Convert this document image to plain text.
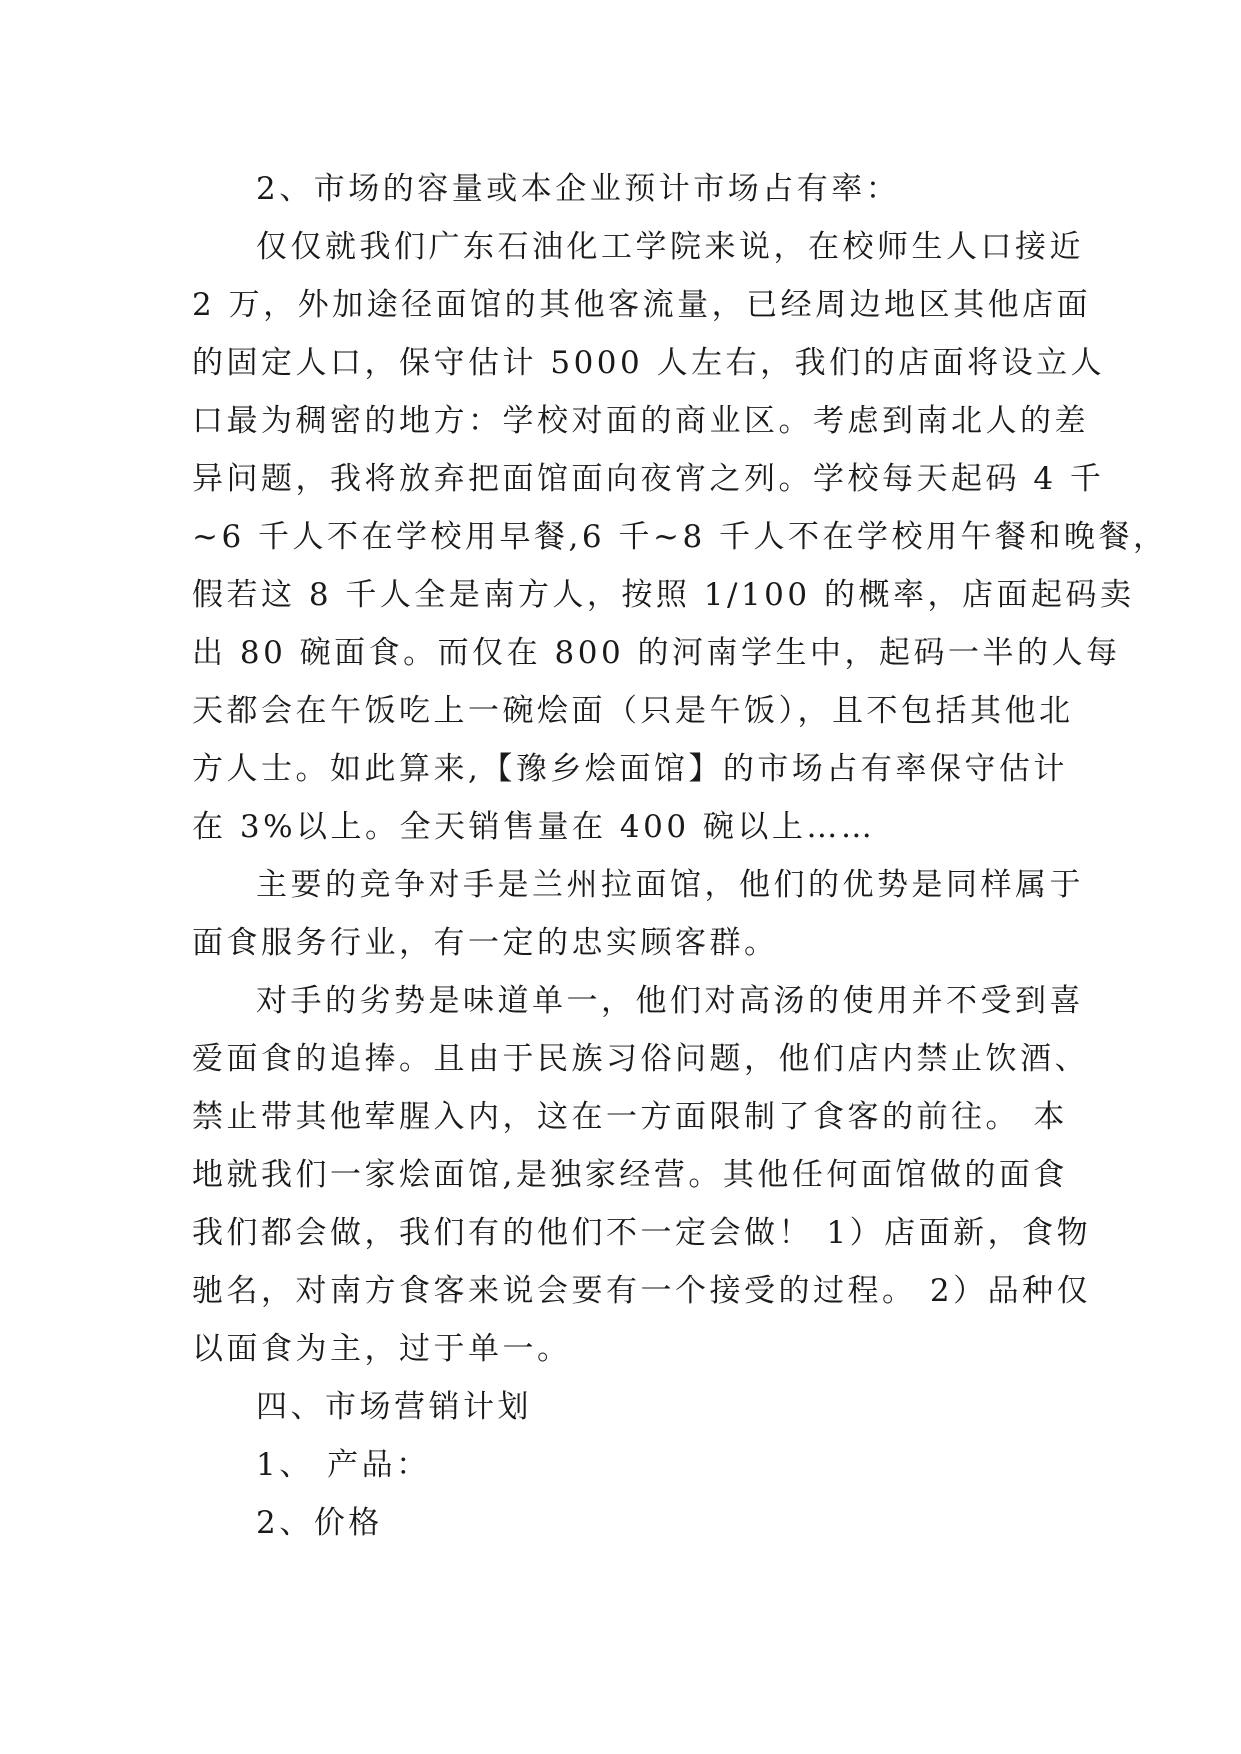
2、市场的容量或本企业预计市场占有率：
仅仅就我们广东石油化工学院来说，在校师生人口接近
2 万，外加途径面馆的其他客流量，已经周边地区其他店面
的固定人口，保守估计 5000 人左右，我们的店面将设立人
口最为稠密的地方：学校对面的商业区。考虑到南北人的差
异问题，我将放弃把面馆面向夜宵之列。学校每天起码 4 千
~6 千人不在学校用早餐,6 千~8 千人不在学校用午餐和晚餐，
假若这 8 千人全是南方人，按照 1/100 的概率，店面起码卖
出 80 碗面食。而仅在 800 的河南学生中，起码一半的人每
天都会在午饭吃上一碗烩面（只是午饭），且不包括其他北
方人士。如此算来,【豫乡烩面馆】的市场占有率保守估计
在 3%以上。全天销售量在 400 碗以上……
主要的竞争对手是兰州拉面馆，他们的优势是同样属于
面食服务行业，有一定的忠实顾客群。
对手的劣势是味道单一，他们对高汤的使用并不受到喜
爱面食的追捧。且由于民族习俗问题，他们店内禁止饮酒、
禁止带其他荤腥入内，这在一方面限制了食客的前往。 本
地就我们一家烩面馆,是独家经营。其他任何面馆做的面食
我们都会做，我们有的他们不一定会做！ 1）店面新，食物
驰名，对南方食客来说会要有一个接受的过程。 2）品种仅
以面食为主，过于单一。
四、市场营销计划
1、 产品：
2、价格
